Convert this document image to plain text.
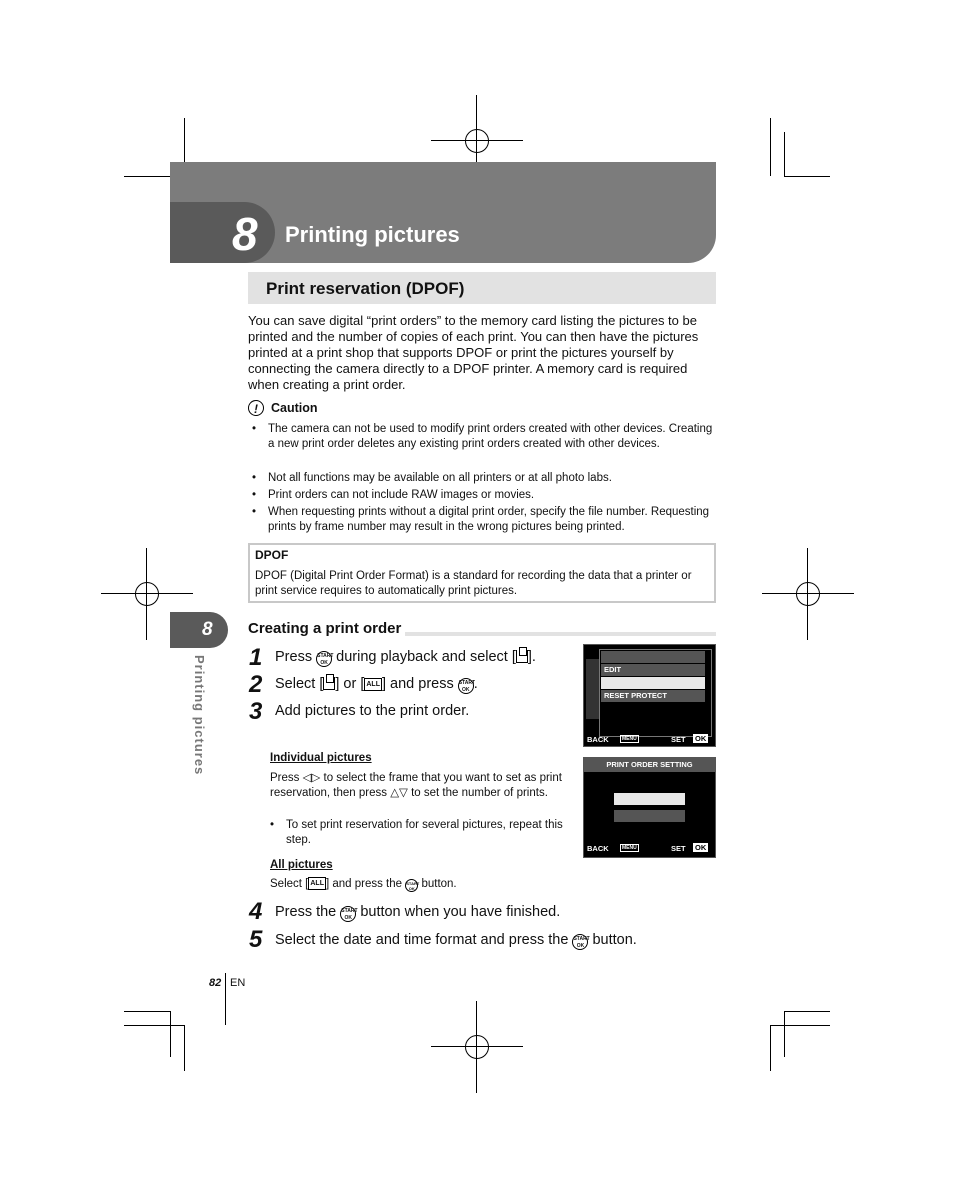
8 Printing pictures
Print reservation (DPOF)
You can save digital “print orders” to the memory card listing the pictures to be printed and the number of copies of each print. You can then have the pictures printed at a print shop that supports DPOF or print the pictures yourself by connecting the camera directly to a DPOF printer. A memory card is required when creating a print order.
!	Caution
• The camera can not be used to modify print orders created with other devices. Creating a new print order deletes any existing print orders created with other devices.
• Not all functions may be available on all printers or at all photo labs.
• Print orders can not include RAW images or movies.
• When requesting prints without a digital print order, specify the file number. Requesting prints by frame number may result in the wrong pictures being printed.
DPOF
DPOF (Digital Print Order Format) is a standard for recording the data that a printer or print service requires to automatically print pictures.
8
Printing pictures
Creating a print order
1 Press START
OK during playback and select [ ].
2 Select [ ] or [ ALL ] and press START
OK .
3 Add pictures to the print order.
EDIT
RESET PROTECT
BACK	MENU	SET OK
Individual pictures
Press ◁▷ to select the frame that you want to set as print reservation, then press △▽ to set the number of prints.
• To set print reservation for several pictures, repeat this step.
PRINT ORDER SETTING
BACK	MENU	SET OK
All pictures
Select [ ALL ] and press the START
OK button.
4 Press the START
OK button when you have finished.
5 Select the date and time format and press the START
OK button.
82 EN
